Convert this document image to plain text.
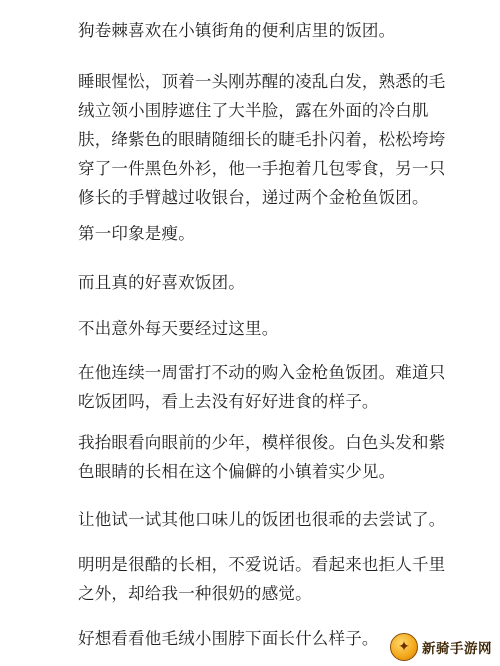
狗卷棘喜欢在小镇街角的便利店里的饭团。

睡眼惺忪，顶着一头刚苏醒的凌乱白发，熟悉的毛
绒立领小围脖遮住了大半脸，露在外面的冷白肌
肤，绛紫色的眼睛随细长的睫毛扑闪着，松松垮垮
穿了一件黑色外衫，他一手抱着几包零食，另一只
修长的手臂越过收银台，递过两个金枪鱼饭团。

第一印象是瘦。

而且真的好喜欢饭团。

不出意外每天要经过这里。

在他连续一周雷打不动的购入金枪鱼饭团。难道只
吃饭团吗，看上去没有好好进食的样子。

我抬眼看向眼前的少年，模样很俊。白色头发和紫
色眼睛的长相在这个偏僻的小镇着实少见。

让他试一试其他口味儿的饭团也很乖的去尝试了。

明明是很酷的长相，不爱说话。看起来也拒人千里
之外，却给我一种很奶的感觉。

好想看看他毛绒小围脖下面长什么样子。	✦ 新骑手游网
